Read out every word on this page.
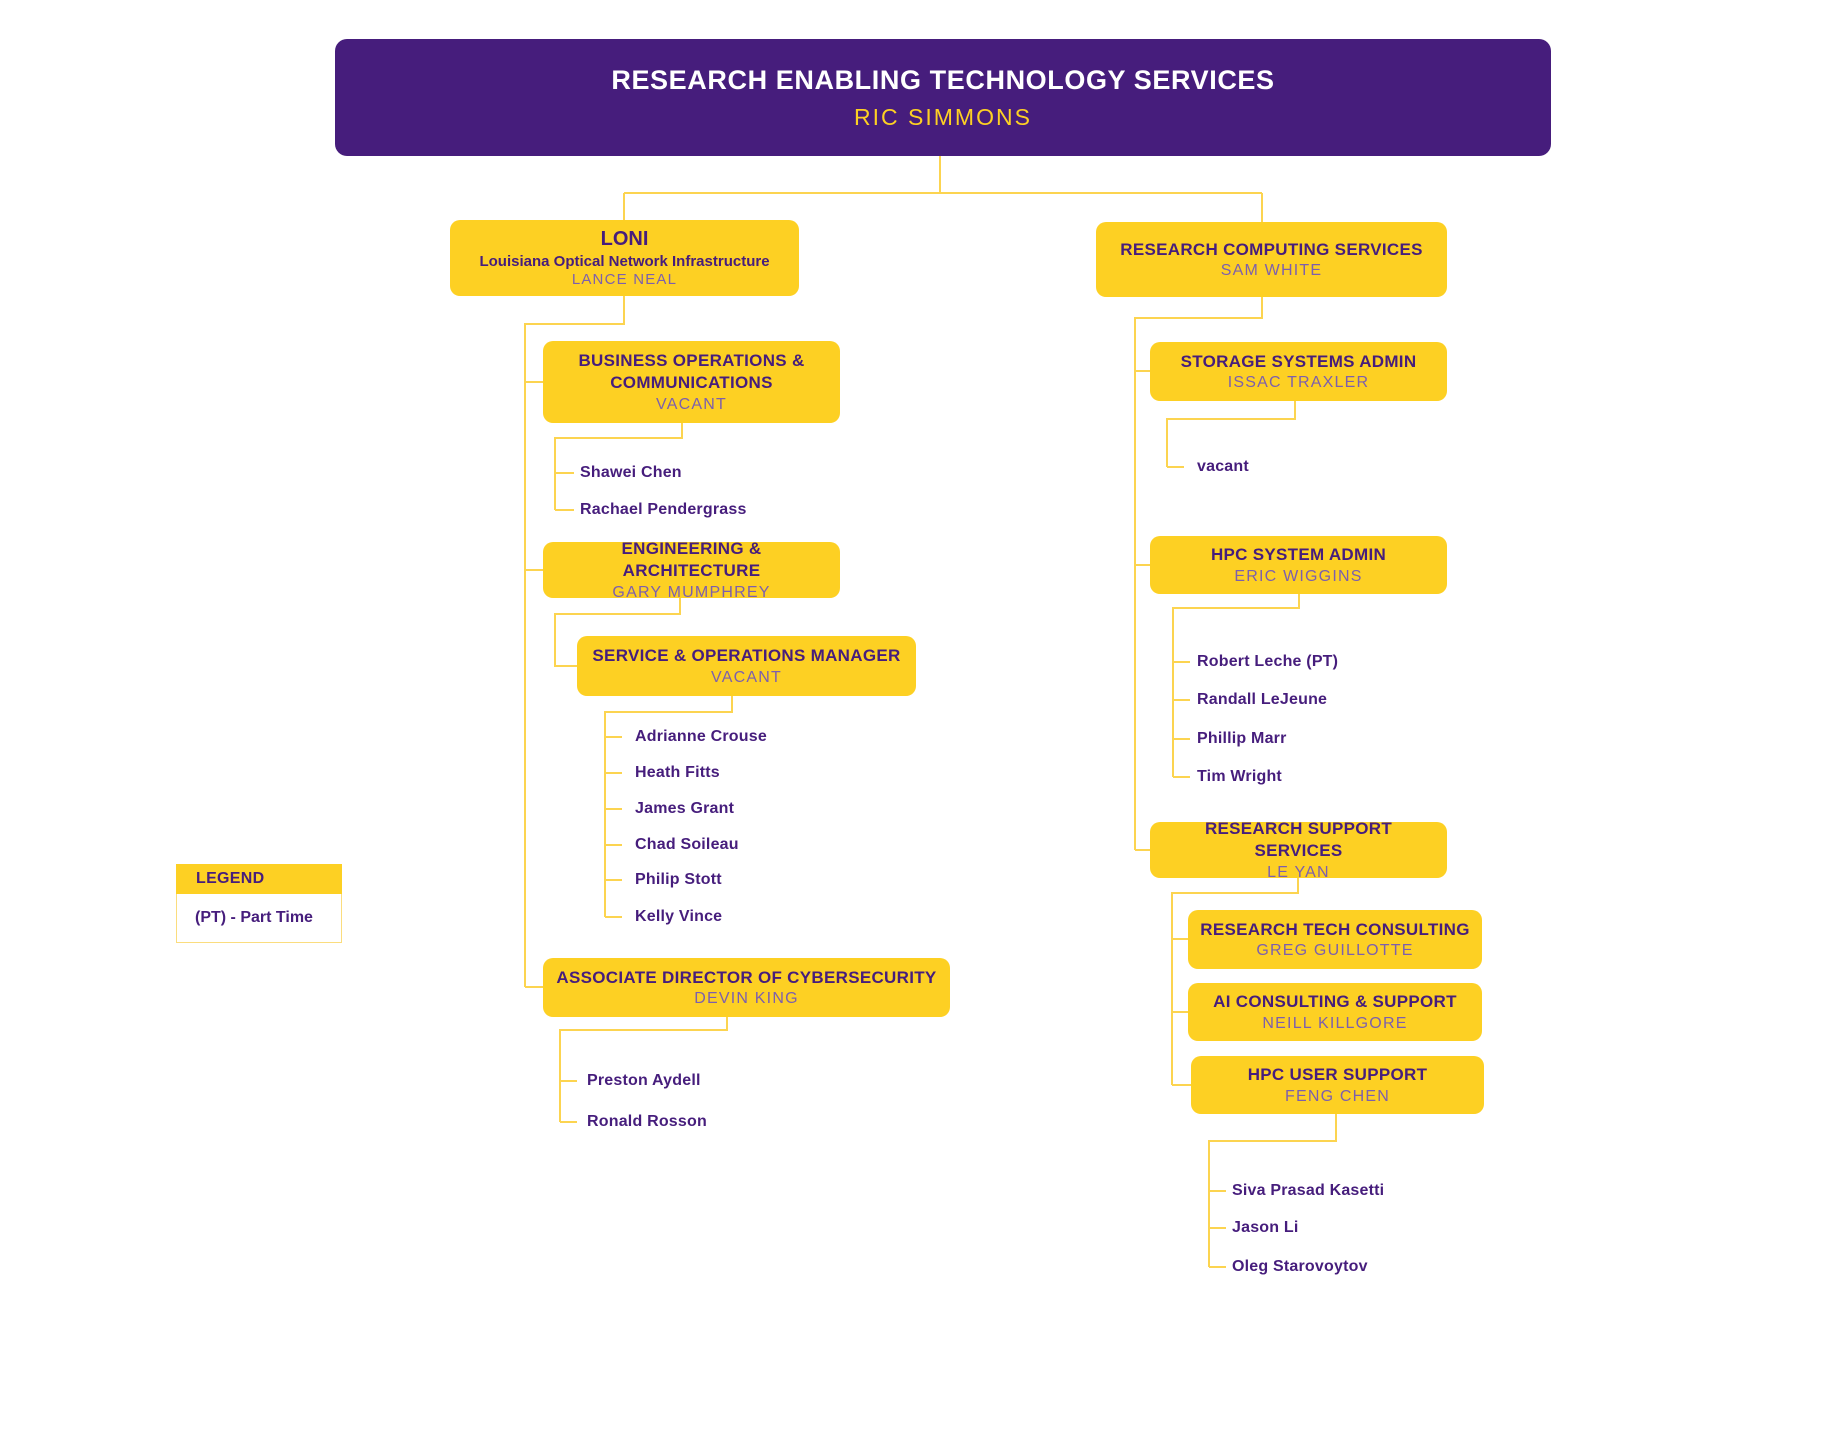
RESEARCH ENABLING TECHNOLOGY SERVICES
RIC SIMMONS
LONI
Louisiana Optical Network Infrastructure
LANCE NEAL
BUSINESS OPERATIONS & COMMUNICATIONS
VACANT
ENGINEERING & ARCHITECTURE
GARY MUMPHREY
SERVICE & OPERATIONS MANAGER
VACANT
ASSOCIATE DIRECTOR OF CYBERSECURITY
DEVIN KING
RESEARCH COMPUTING SERVICES
SAM WHITE
STORAGE SYSTEMS ADMIN
ISSAC TRAXLER
HPC SYSTEM ADMIN
ERIC WIGGINS
RESEARCH SUPPORT SERVICES
LE YAN
RESEARCH TECH CONSULTING
GREG GUILLOTTE
AI CONSULTING & SUPPORT
NEILL KILLGORE
HPC USER SUPPORT
FENG CHEN
Shawei Chen
Rachael Pendergrass
Adrianne Crouse
Heath Fitts
James Grant
Chad Soileau
Philip Stott
Kelly Vince
Preston Aydell
Ronald Rosson
vacant
Robert Leche (PT)
Randall LeJeune
Phillip Marr
Tim Wright
Siva Prasad Kasetti
Jason Li
Oleg Starovoytov
LEGEND
(PT) - Part Time
